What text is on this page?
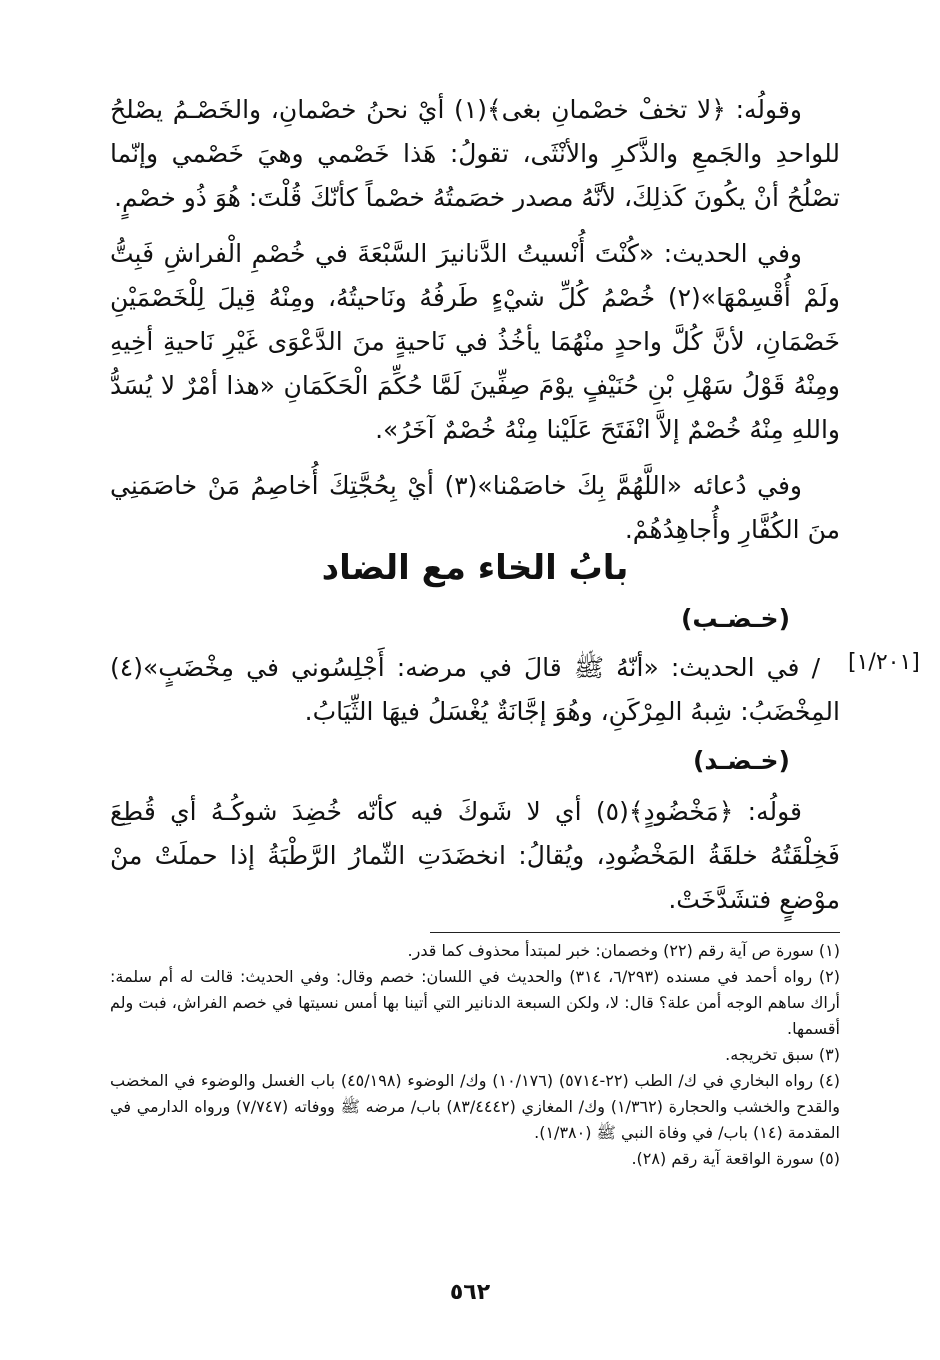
وقولُه: ﴿لا تخفْ خصْمانِ بغى﴾(١) أيْ نحنُ خصْمانِ، والخَصْـمُ يصْلحُ للواحدِ والجَمعِ والذَّكرِ والأنْثَى، تقولُ: هَذا خَصْمي وهيَ خَصْمي وإنّما تصْلُحُ أنْ يكُونَ كَذلِكَ، لأنَّهُ مصدر خصَمتُهُ خصْماً كأنّكَ قُلْتَ: هُوَ ذُو خصْمٍ.

وفي الحديث: «كُنْتَ أُنْسيتُ الدَّنانيرَ السَّبْعَةَ في خُصْمِ الْفراشِ فَبِتُّ ولَمْ أُقْسِمْهَا»(٢) خُصْمُ كُلِّ شيْءٍ طَرفُهُ ونَاحيتُهُ، ومِنْهُ قِيلَ لِلْخَصْمَيْنِ خَصْمَانِ، لأنَّ كُلَّ واحدٍ منْهُمَا يأخُذُ في نَاحيةٍ منَ الدَّعْوَى غَيْرِ نَاحيةِ أخِيهِ ومِنْهُ قَوْلُ سَهْلِ بْنِ حُنَيْفٍ يوْمَ صِفِّينَ لَمَّا حُكِّمَ الْحَكَمَانِ «هذا أمْرٌ لا يُسَدُّ واللهِ مِنْهُ خُصْمٌ إلاَّ انْفَتَحَ عَلَيْنا مِنْهُ خُصْمٌ آخَرُ».

وفي دُعائه «اللَّهُمَّ بِكَ خاصَمْنا»(٣) أيْ بِحُجَّتِكَ أُخاصِمُ مَنْ خاصَمَنِي منَ الكُفَّارِ وأُجاهِدُهُمْ.

بابُ الخاء مع الضاد
(خـضـب)
[١/٢٠١]

/ في الحديث: «أنّهُ ﷺ قالَ في مرضه: أَجْلِسُوني في مِخْضَبٍ»(٤) المِخْضَبُ: شِبهُ المِرْكَنِ، وهُوَ إجَّانَةٌ يُغْسَلُ فيهَا الثِّيَابُ.

(خـضـد)

قولُه: ﴿مَخْضُودٍ﴾(٥) أي لا شَوكَ فيه كأنّه خُضِدَ شوكُـهُ أي قُطِعَ فَخِلْقَتُهُ خلقَةُ المَخْضُودِ، ويُقالُ: انخضَدَتِ الثّمارُ الرَّطْبَةُ إذا حملَتْ منْ موْضعٍ فتشَدَّخَتْ.

(١) سورة ص آية رقم (٢٢) وخصمان: خبر لمبتدأ محذوف كما قدر.

(٢) رواه أحمد في مسنده (٦/٢٩٣، ٣١٤) والحديث في اللسان: خصم وقال: وفي الحديث: قالت له أم سلمة: أراك ساهم الوجه أمن علة؟ قال: لا، ولكن السبعة الدنانير التي أتينا بها أمس نسيتها في خصم الفراش، فبت ولم أقسمها.

(٣) سبق تخريجه.

(٤) رواه البخاري في ك/ الطب (٢٢-٥٧١٤) (١٠/١٧٦) وك/ الوضوء (٤٥/١٩٨) باب الغسل والوضوء في المخضب والقدح والخشب والحجارة (١/٣٦٢) وك/ المغازي (٨٣/٤٤٤٢) باب/ مرضه ﷺ ووفاته (٧/٧٤٧) ورواه الدارمي في المقدمة (١٤) باب/ في وفاة النبي ﷺ (١/٣٨٠).

(٥) سورة الواقعة آية رقم (٢٨).

٥٦٢
